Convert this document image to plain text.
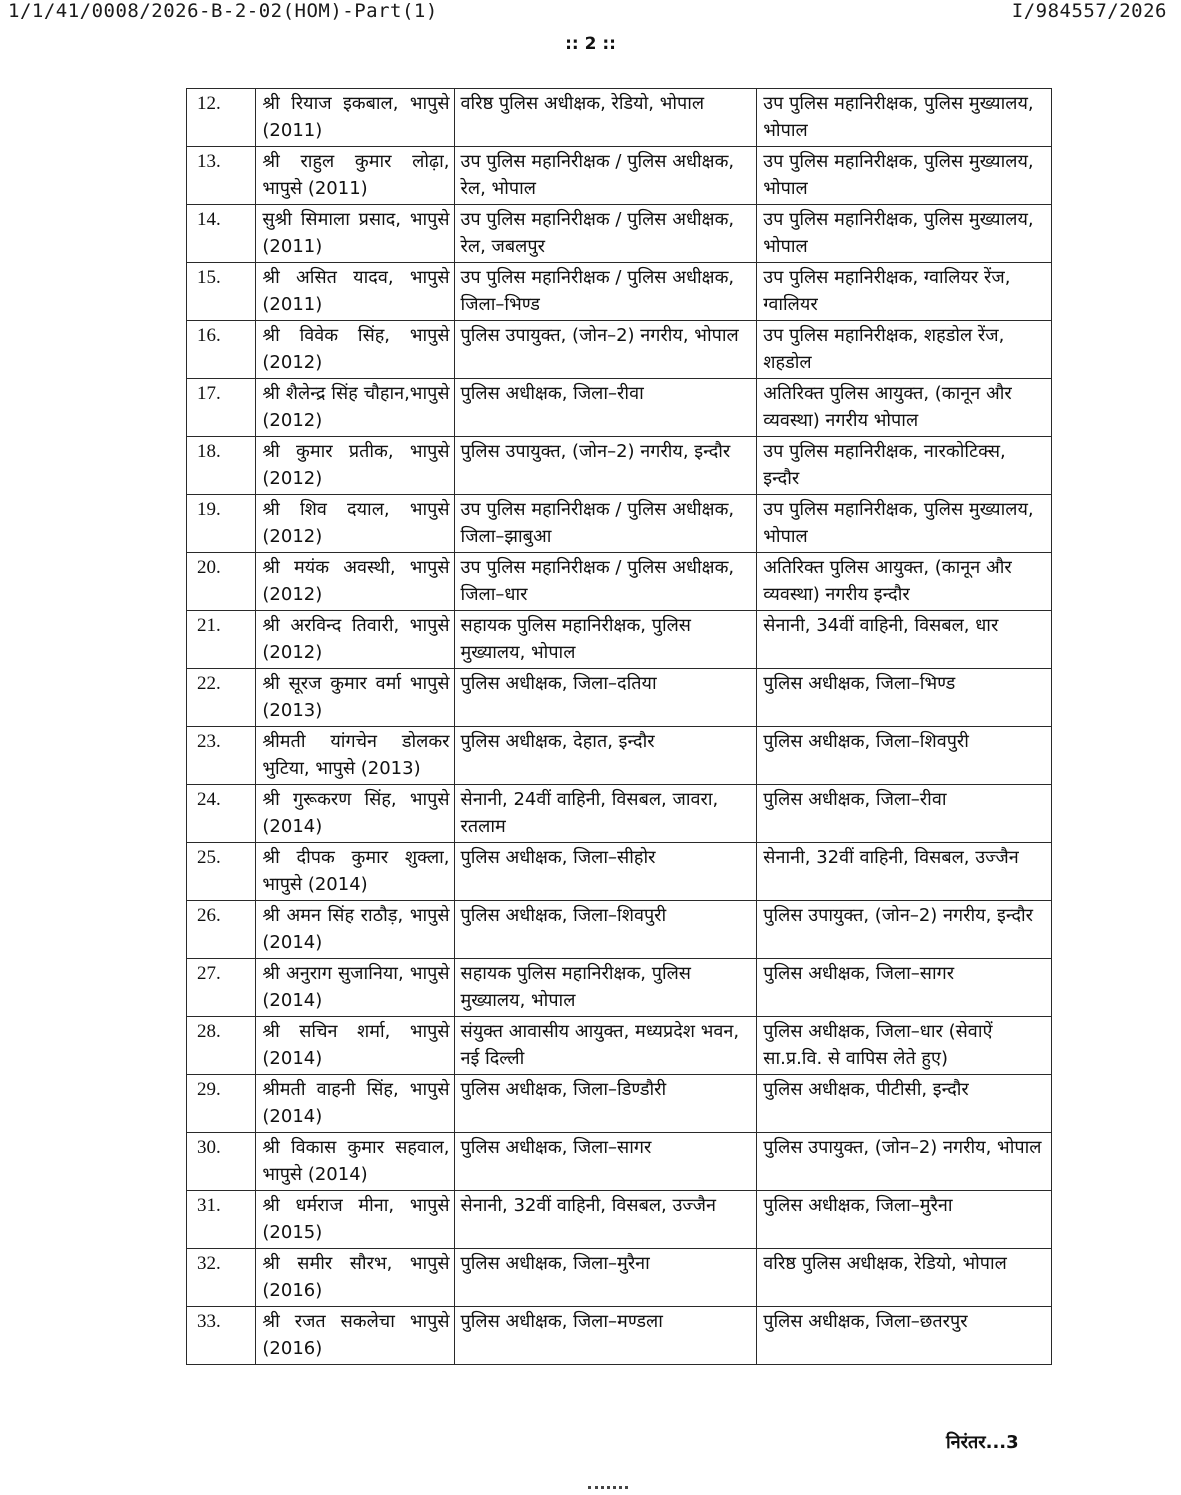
1/1/41/0008/2026-B-2-02(HOM)-Part(1)	I/984557/2026
:: 2 ::
12.	श्री रियाज इकबाल, भापुसे (2011)	वरिष्ठ पुलिस अधीक्षक, रेडियो, भोपाल	उप पुलिस महानिरीक्षक, पुलिस मुख्यालय, भोपाल
13.	श्री राहुल कुमार लोढ़ा, भापुसे (2011)	उप पुलिस महानिरीक्षक / पुलिस अधीक्षक, रेल, भोपाल	उप पुलिस महानिरीक्षक, पुलिस मुख्यालय, भोपाल
14.	सुश्री सिमाला प्रसाद, भापुसे (2011)	उप पुलिस महानिरीक्षक / पुलिस अधीक्षक, रेल, जबलपुर	उप पुलिस महानिरीक्षक, पुलिस मुख्यालय, भोपाल
15.	श्री असित यादव, भापुसे (2011)	उप पुलिस महानिरीक्षक / पुलिस अधीक्षक, जिला–भिण्ड	उप पुलिस महानिरीक्षक, ग्वालियर रेंज, ग्वालियर
16.	श्री विवेक सिंह, भापुसे (2012)	पुलिस उपायुक्त, (जोन–2) नगरीय, भोपाल	उप पुलिस महानिरीक्षक, शहडोल रेंज, शहडोल
17.	श्री शैलेन्द्र सिंह चौहान,भापुसे (2012)	पुलिस अधीक्षक, जिला–रीवा	अतिरिक्त पुलिस आयुक्त, (कानून और व्यवस्था) नगरीय भोपाल
18.	श्री कुमार प्रतीक, भापुसे (2012)	पुलिस उपायुक्त, (जोन–2) नगरीय, इन्दौर	उप पुलिस महानिरीक्षक, नारकोटिक्स, इन्दौर
19.	श्री शिव दयाल, भापुसे (2012)	उप पुलिस महानिरीक्षक / पुलिस अधीक्षक, जिला–झाबुआ	उप पुलिस महानिरीक्षक, पुलिस मुख्यालय, भोपाल
20.	श्री मयंक अवस्थी, भापुसे (2012)	उप पुलिस महानिरीक्षक / पुलिस अधीक्षक, जिला–धार	अतिरिक्त पुलिस आयुक्त, (कानून और व्यवस्था) नगरीय इन्दौर
21.	श्री अरविन्द तिवारी, भापुसे (2012)	सहायक पुलिस महानिरीक्षक, पुलिस मुख्यालय, भोपाल	सेनानी, 34वीं वाहिनी, विसबल, धार
22.	श्री सूरज कुमार वर्मा भापुसे (2013)	पुलिस अधीक्षक, जिला–दतिया	पुलिस अधीक्षक, जिला–भिण्ड
23.	श्रीमती यांगचेन डोलकर भुटिया, भापुसे (2013)	पुलिस अधीक्षक, देहात, इन्दौर	पुलिस अधीक्षक, जिला–शिवपुरी
24.	श्री गुरूकरण सिंह, भापुसे (2014)	सेनानी, 24वीं वाहिनी, विसबल, जावरा, रतलाम	पुलिस अधीक्षक, जिला–रीवा
25.	श्री दीपक कुमार शुक्ला, भापुसे (2014)	पुलिस अधीक्षक, जिला–सीहोर	सेनानी, 32वीं वाहिनी, विसबल, उज्जैन
26.	श्री अमन सिंह राठौड़, भापुसे (2014)	पुलिस अधीक्षक, जिला–शिवपुरी	पुलिस उपायुक्त, (जोन–2) नगरीय, इन्दौर
27.	श्री अनुराग सुजानिया, भापुसे (2014)	सहायक पुलिस महानिरीक्षक, पुलिस मुख्यालय, भोपाल	पुलिस अधीक्षक, जिला–सागर
28.	श्री सचिन शर्मा, भापुसे (2014)	संयुक्त आवासीय आयुक्त, मध्यप्रदेश भवन, नई दिल्ली	पुलिस अधीक्षक, जिला–धार (सेवाऐं सा.प्र.वि. से वापिस लेते हुए)
29.	श्रीमती वाहनी सिंह, भापुसे (2014)	पुलिस अधीक्षक, जिला–डिण्डौरी	पुलिस अधीक्षक, पीटीसी, इन्दौर
30.	श्री विकास कुमार सहवाल, भापुसे (2014)	पुलिस अधीक्षक, जिला–सागर	पुलिस उपायुक्त, (जोन–2) नगरीय, भोपाल
31.	श्री धर्मराज मीना, भापुसे (2015)	सेनानी, 32वीं वाहिनी, विसबल, उज्जैन	पुलिस अधीक्षक, जिला–मुरैना
32.	श्री समीर सौरभ, भापुसे (2016)	पुलिस अधीक्षक, जिला–मुरैना	वरिष्ठ पुलिस अधीक्षक, रेडियो, भोपाल
33.	श्री रजत सकलेचा भापुसे (2016)	पुलिस अधीक्षक, जिला–मण्डला	पुलिस अधीक्षक, जिला–छतरपुर
निरंतर...3
